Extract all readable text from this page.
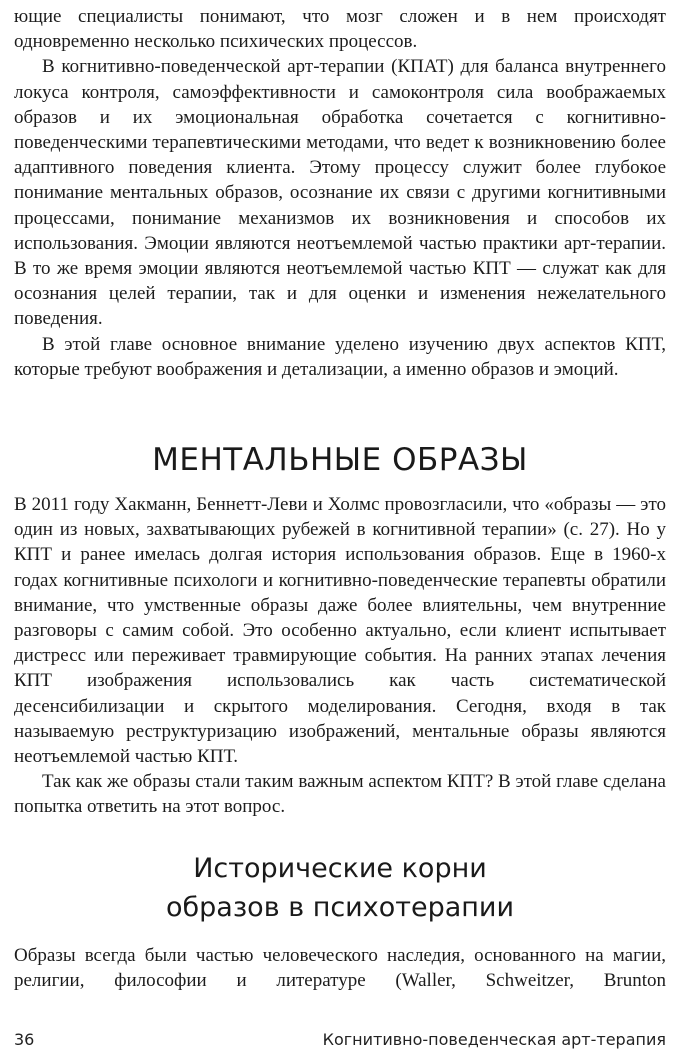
ющие специалисты понимают, что мозг сложен и в нем происходят одновременно несколько психических процессов.

В когнитивно-поведенческой арт-терапии (КПАТ) для баланса внутреннего локуса контроля, самоэффективности и самоконтроля сила воображаемых образов и их эмоциональная обработка сочетается с когнитивно-поведенческими терапевтическими методами, что ведет к возникновению более адаптивного поведения клиента. Этому процессу служит более глубокое понимание ментальных образов, осознание их связи с другими когнитивными процессами, понимание механизмов их возникновения и способов их использования. Эмоции являются неотъемлемой частью практики арт-терапии. В то же время эмоции являются неотъемлемой частью КПТ — служат как для осознания целей терапии, так и для оценки и изменения нежелательного поведения.

В этой главе основное внимание уделено изучению двух аспектов КПТ, которые требуют воображения и детализации, а именно образов и эмоций.

МЕНТАЛЬНЫЕ ОБРАЗЫ

В 2011 году Хакманн, Беннетт-Леви и Холмс провозгласили, что «образы — это один из новых, захватывающих рубежей в когнитивной терапии» (с. 27). Но у КПТ и ранее имелась долгая история использования образов. Еще в 1960-х годах когнитивные психологи и когнитивно-поведенческие терапевты обратили внимание, что умственные образы даже более влиятельны, чем внутренние разговоры с самим собой. Это особенно актуально, если клиент испытывает дистресс или переживает травмирующие события. На ранних этапах лечения КПТ изображения использовались как часть систематической десенсибилизации и скрытого моделирования. Сегодня, входя в так называемую реструктуризацию изображений, ментальные образы являются неотъемлемой частью КПТ.

Так как же образы стали таким важным аспектом КПТ? В этой главе сделана попытка ответить на этот вопрос.

Исторические корни
образов в психотерапии

Образы всегда были частью человеческого наследия, основанного на магии, религии, философии и литературе (Waller, Schweitzer, Brunton

36	Когнитивно-поведенческая арт-терапия
